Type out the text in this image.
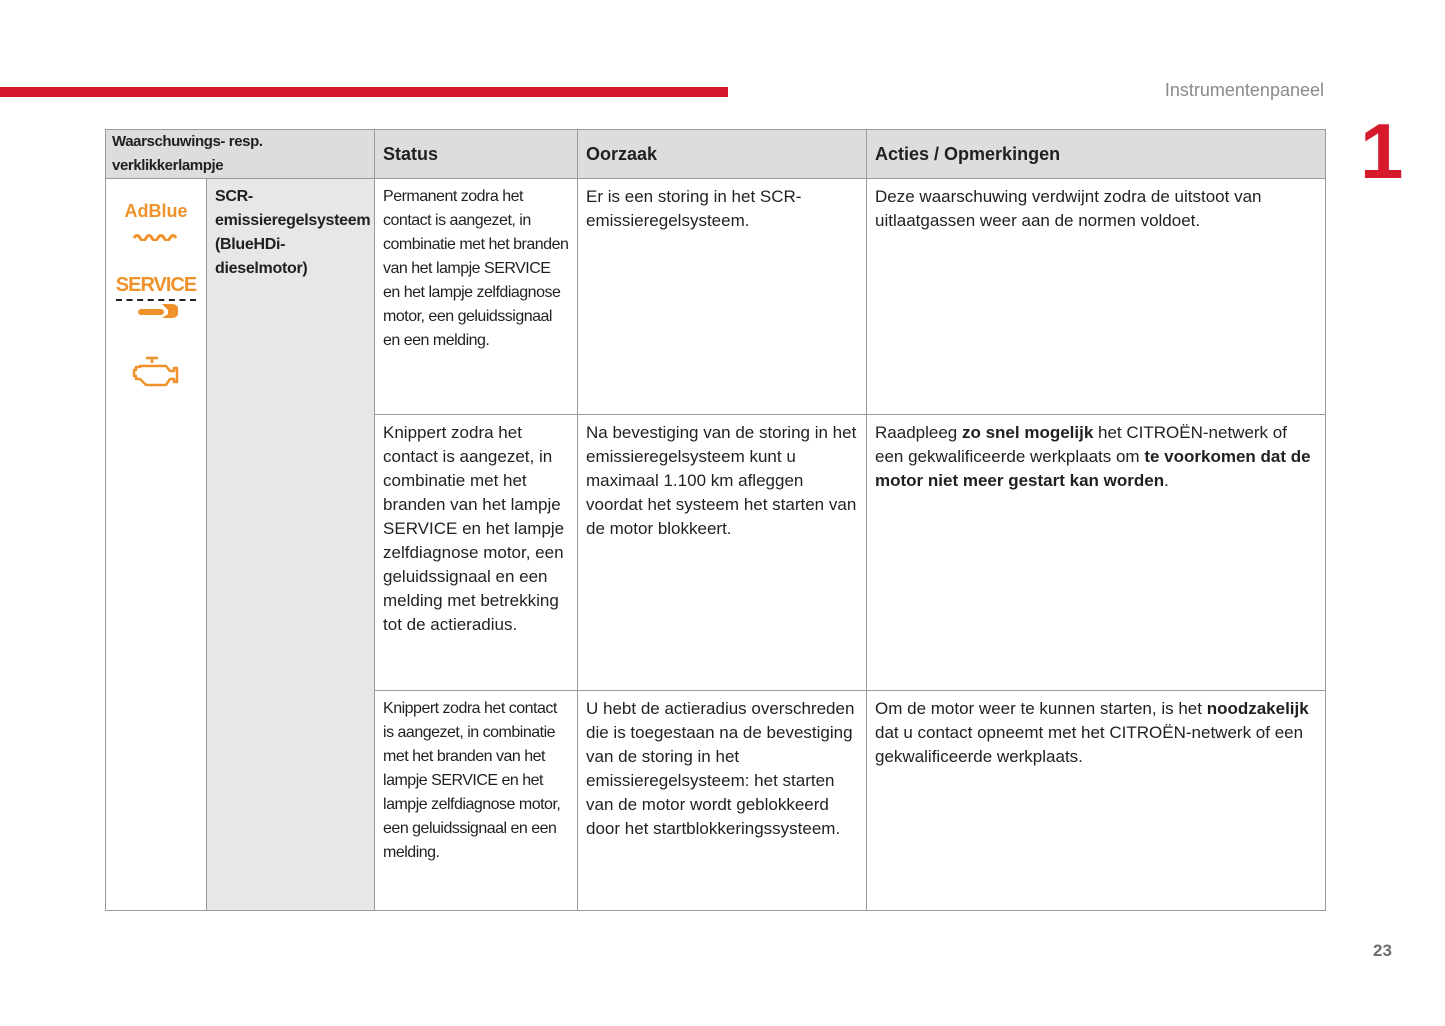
Instrumentenpaneel
1
23
Waarschuwings- resp. verklikkerlampje		Status	Oorzaak	Acties / Opmerkingen

AdBlue

SERVICE	SCR-emissieregelsysteem (BlueHDi-dieselmotor)	Permanent zodra het contact is aangezet, in combinatie met het branden van het lampje SERVICE en het lampje zelfdiagnose motor, een geluidssignaal en een melding.	Er is een storing in het SCR-emissieregelsysteem.	Deze waarschuwing verdwijnt zodra de uitstoot van uitlaatgassen weer aan de normen voldoet.
		Knippert zodra het contact is aangezet, in combinatie met het branden van het lampje SERVICE en het lampje zelfdiagnose motor, een geluidssignaal en een melding met betrekking tot de actieradius.	Na bevestiging van de storing in het emissieregelsysteem kunt u maximaal 1.100 km afleggen voordat het systeem het starten van de motor blokkeert.	Raadpleeg zo snel mogelijk het CITROËN-netwerk of een gekwalificeerde werkplaats om te voorkomen dat de motor niet meer gestart kan worden.
		Knippert zodra het contact is aangezet, in combinatie met het branden van het lampje SERVICE en het lampje zelfdiagnose motor, een geluidssignaal en een melding.	U hebt de actieradius overschreden die is toegestaan na de bevestiging van de storing in het emissieregelsysteem: het starten van de motor wordt geblokkeerd door het startblokkeringssysteem.	Om de motor weer te kunnen starten, is het noodzakelijk dat u contact opneemt met het CITROËN-netwerk of een gekwalificeerde werkplaats.
